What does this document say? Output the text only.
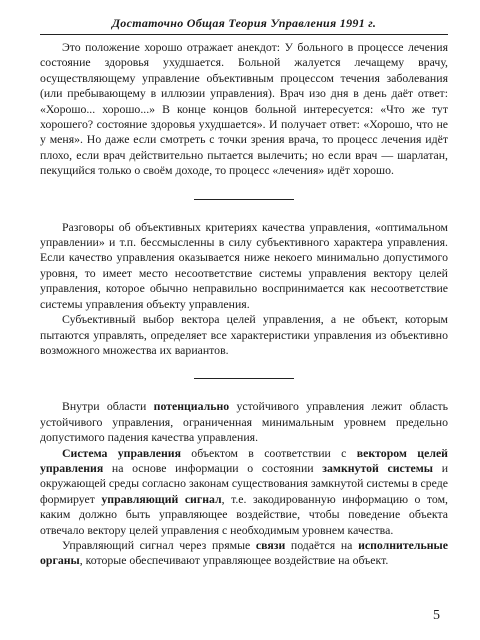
Достаточно Общая Теория Управления 1991 г.

Это положение хорошо отражает анекдот: У больного в процессе лечения состояние здоровья ухудшается. Больной жалуется лечащему врачу, осуществляющему управление объективным процессом течения заболевания (или пребывающему в иллюзии управления). Врач изо дня в день даёт ответ: «Хорошо... хорошо...» В конце концов больной интересуется: «Что же тут хорошего? состояние здоровья ухудшается». И получает ответ: «Хорошо, что не у меня». Но даже если смотреть с точки зрения врача, то процесс лечения идёт плохо, если врач действительно пытается вылечить; но если врач — шарлатан, пекущийся только о своём доходе, то процесс «лечения» идёт хорошо.

Разговоры об объективных критериях качества управления, «оптимальном управлении» и т.п. бессмысленны в силу субъективного характера управления. Если качество управления оказывается ниже некоего минимально допустимого уровня, то имеет место несоответствие системы управления вектору целей управления, которое обычно неправильно воспринимается как несоответствие системы управления объекту управления.

Субъективный выбор вектора целей управления, а не объект, которым пытаются управлять, определяет все характеристики управления из объективно возможного множества их вариантов.

Внутри области потенциально устойчивого управления лежит область устойчивого управления, ограниченная минимальным уровнем предельно допустимого падения качества управления.

Система управления объектом в соответствии с вектором целей управления на основе информации о состоянии замкнутой системы и окружающей среды согласно законам существования замкнутой системы в среде формирует управляющий сигнал, т.е. закодированную информацию о том, каким должно быть управляющее воздействие, чтобы поведение объекта отвечало вектору целей управления с необходимым уровнем качества.

Управляющий сигнал через прямые связи подаётся на исполнительные органы, которые обеспечивают управляющее воздействие на объект.

5
